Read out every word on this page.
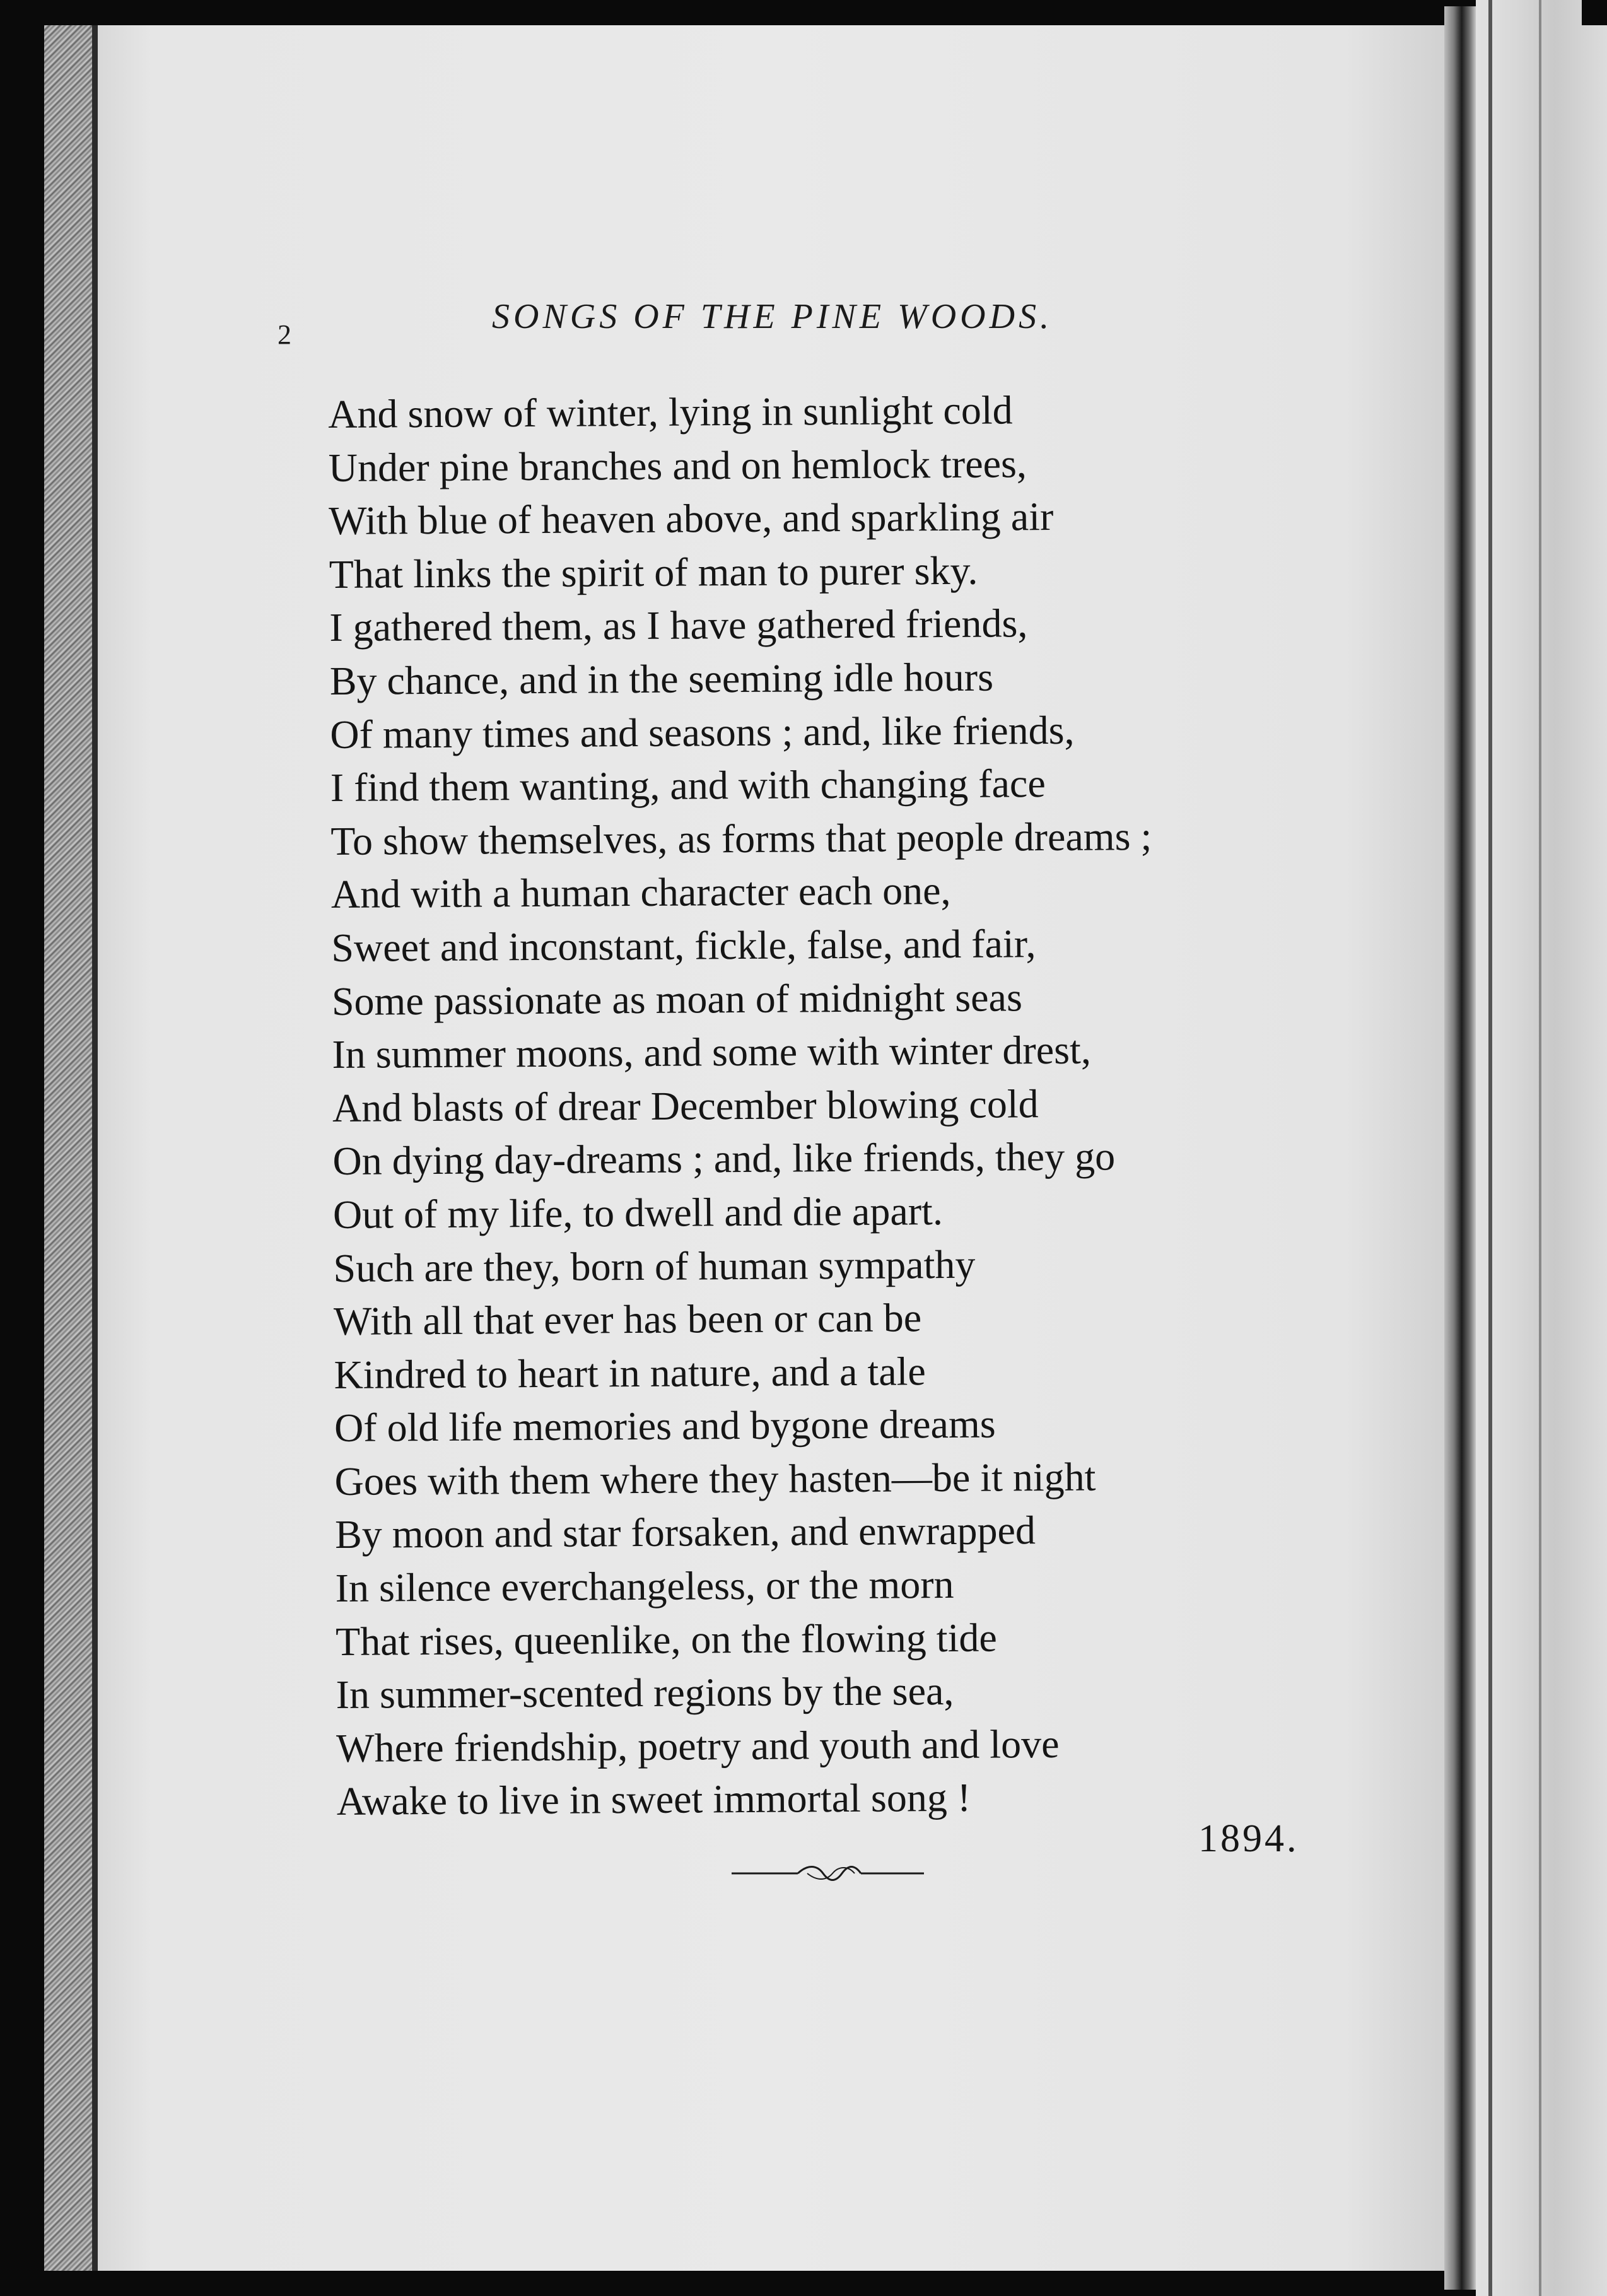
2	SONGS OF THE PINE WOODS.
And snow of winter, lying in sunlight cold
Under pine branches and on hemlock trees,
With blue of heaven above, and sparkling air
That links the spirit of man to purer sky.
I gathered them, as I have gathered friends,
By chance, and in the seeming idle hours
Of many times and seasons ; and, like friends,
I find them wanting, and with changing face
To show themselves, as forms that people dreams ;
And with a human character each one,
Sweet and inconstant, fickle, false, and fair,
Some passionate as moan of midnight seas
In summer moons, and some with winter drest,
And blasts of drear December blowing cold
On dying day-dreams ; and, like friends, they go
Out of my life, to dwell and die apart.
Such are they, born of human sympathy
With all that ever has been or can be
Kindred to heart in nature, and a tale
Of old life memories and bygone dreams
Goes with them where they hasten—be it night
By moon and star forsaken, and enwrapped
In silence everchangeless, or the morn
That rises, queenlike, on the flowing tide
In summer-scented regions by the sea,
Where friendship, poetry and youth and love
Awake to live in sweet immortal song !
1894.
